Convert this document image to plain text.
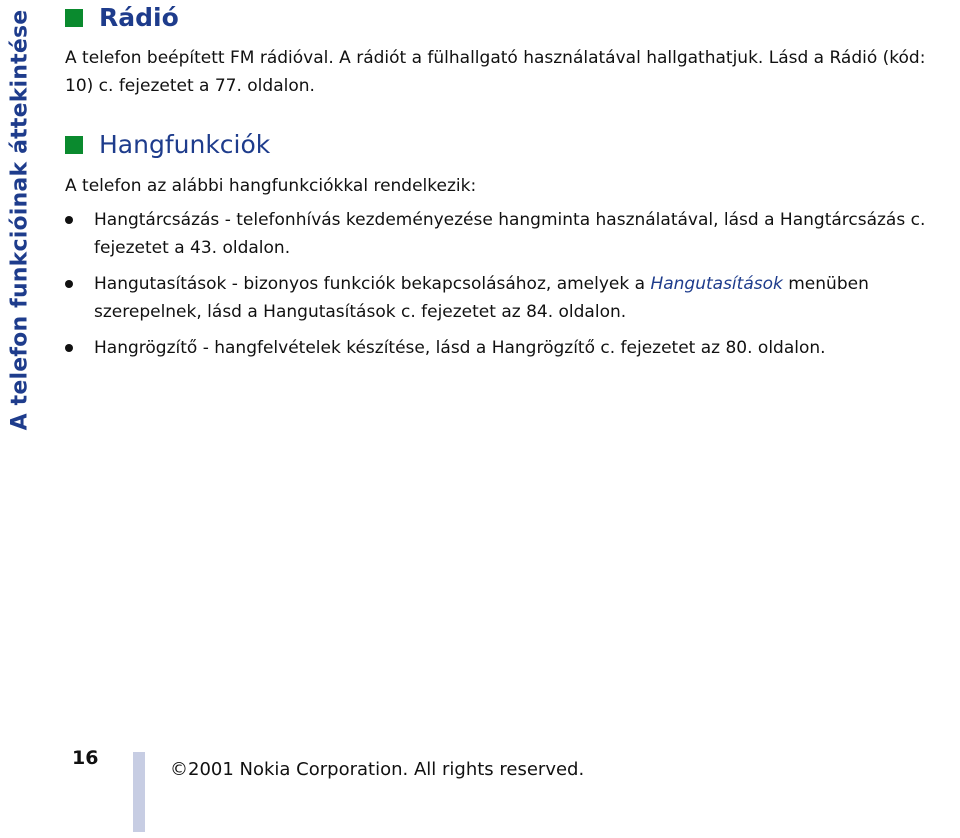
A telefon funkcióinak áttekintése	Rádió
A telefon beépített FM rádióval. A rádiót a fülhallgató használatával hallgathatjuk. Lásd a Rádió (kód: 10) c. fejezetet a 77. oldalon.
Hangfunkciók
A telefon az alábbi hangfunkciókkal rendelkezik:
Hangtárcsázás - telefonhívás kezdeményezése hangminta használatával, lásd a Hangtárcsázás c. fejezetet a 43. oldalon.
Hangutasítások - bizonyos funkciók bekapcsolásához, amelyek a Hangutasítások menüben szerepelnek, lásd a Hangutasítások c. fejezetet az 84. oldalon.
Hangrögzítő - hangfelvételek készítése, lásd a Hangrögzítő c. fejezetet az 80. oldalon.
16
©2001 Nokia Corporation. All rights reserved.
